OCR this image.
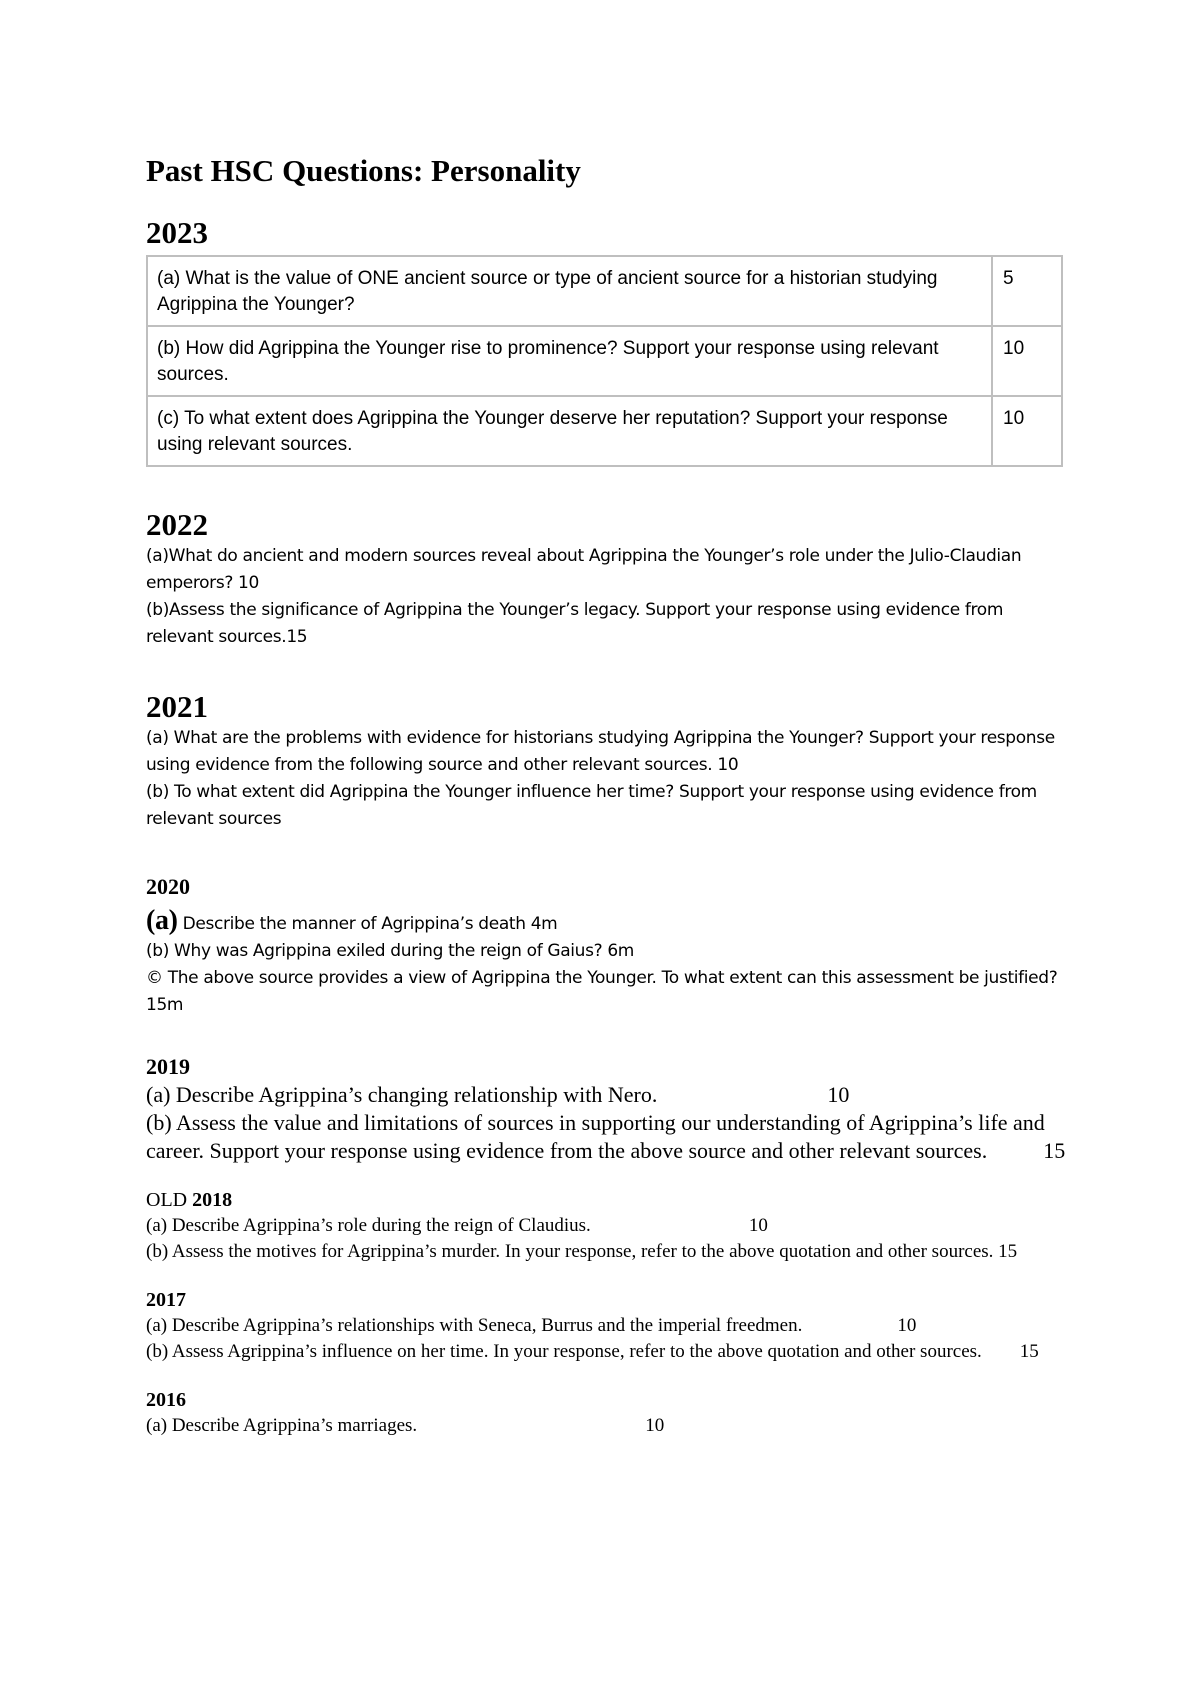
Past HSC Questions: Personality
2023
(a) What is the value of ONE ancient source or type of ancient source for a historian studying Agrippina the Younger?	5
(b) How did Agrippina the Younger rise to prominence? Support your response using relevant sources.	10
(c) To what extent does Agrippina the Younger deserve her reputation? Support your response using relevant sources.	10
2022

(a)What do ancient and modern sources reveal about Agrippina the Younger’s role under the Julio-Claudian emperors? 10

(b)Assess the significance of Agrippina the Younger’s legacy. Support your response using evidence from relevant sources.15

2021

(a) What are the problems with evidence for historians studying Agrippina the Younger? Support your response using evidence from the following source and other relevant sources. 10

(b) To what extent did Agrippina the Younger influence her time? Support your response using evidence from relevant sources

2020

(a) Describe the manner of Agrippina’s death 4m

(b) Why was Agrippina exiled during the reign of Gaius? 6m

© The above source provides a view of Agrippina the Younger. To what extent can this assessment be justified? 15m

2019

(a) Describe Agrippina’s changing relationship with Nero.	10

(b) Assess the value and limitations of sources in supporting our understanding of Agrippina’s life and career. Support your response using evidence from the above source and other relevant sources.	15

OLD 2018

(a) Describe Agrippina’s role during the reign of Claudius.	10

(b) Assess the motives for Agrippina’s murder. In your response, refer to the above quotation and other sources. 15

2017

(a) Describe Agrippina’s relationships with Seneca, Burrus and the imperial freedmen.	10

(b) Assess Agrippina’s influence on her time. In your response, refer to the above quotation and other sources. 15

2016

(a) Describe Agrippina’s marriages.	10
